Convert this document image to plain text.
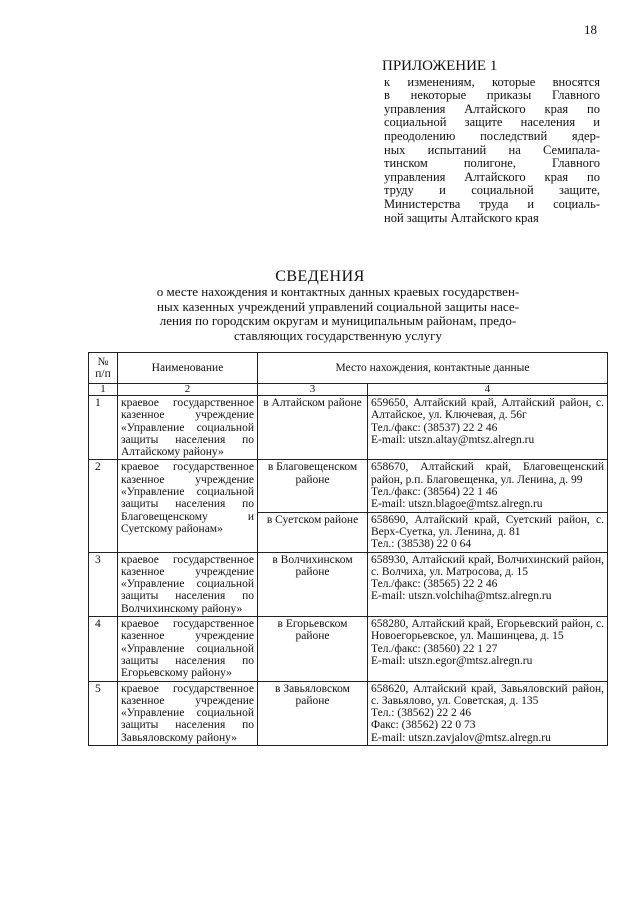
18
ПРИЛОЖЕНИЕ 1
к изменениям, которые вносятся
в некоторые приказы Главного
управления Алтайского края по
социальной защите населения и
преодолению последствий ядер-
ных испытаний на Семипала-
тинском полигоне, Главного
управления Алтайского края по
труду и социальной защите,
Министерства труда и социаль-
ной защиты Алтайского края
СВЕДЕНИЯ
о месте нахождения и контактных данных краевых государствен-
ных казенных учреждений управлений социальной защиты насе-
ления по городским округам и муниципальным районам, предо-
ставляющих государственную услугу
№ п/п	Наименование	Место нахождения, контактные данные	
1	2	3	4
1	краевое государственное казенное учреждение «Управление социальной защиты населения по Алтайскому району»	в Алтайском районе	659650, Алтайский край, Алтайский район, с. Алтайское, ул. Ключевая, д. 56г
Тел./факс: (38537) 22 2 46
E-mail: utszn.altay@mtsz.alregn.ru

2	краевое государственное казенное учреждение «Управление социальной защиты населения по Благовещенскому и Суетскому районам»	в Благовещенском районе	658670, Алтайский край, Благовещенский район, р.п. Благовещенка, ул. Ленина, д. 99
Тел./факс: (38564) 22 1 46
E-mail: utszn.blagoe@mtsz.alregn.ru

		в Суетском районе	658690, Алтайский край, Суетский район, с. Верх-Суетка, ул. Ленина, д. 81
Тел.: (38538) 22 0 64

3	краевое государственное казенное учреждение «Управление социальной защиты населения по Волчихинскому району»	в Волчихинском районе	658930, Алтайский край, Волчихинский район, с. Волчиха, ул. Матросова, д. 15
Тел./факс: (38565) 22 2 46
E-mail: utszn.volchiha@mtsz.alregn.ru

4	краевое государственное казенное учреждение «Управление социальной защиты населения по Егорьевскому району»	в Егорьевском районе	658280, Алтайский край, Егорьевский район, с. Новоегорьевское, ул. Машинцева, д. 15
Тел./факс: (38560) 22 1 27
E-mail: utszn.egor@mtsz.alregn.ru

5	краевое государственное казенное учреждение «Управление социальной защиты населения по Завьяловскому району»	в Завьяловском районе	658620, Алтайский край, Завьяловский район, с. Завьялово, ул. Советская, д. 135
Тел.: (38562) 22 2 46
Факс: (38562) 22 0 73
E-mail: utszn.zavjalov@mtsz.alregn.ru
